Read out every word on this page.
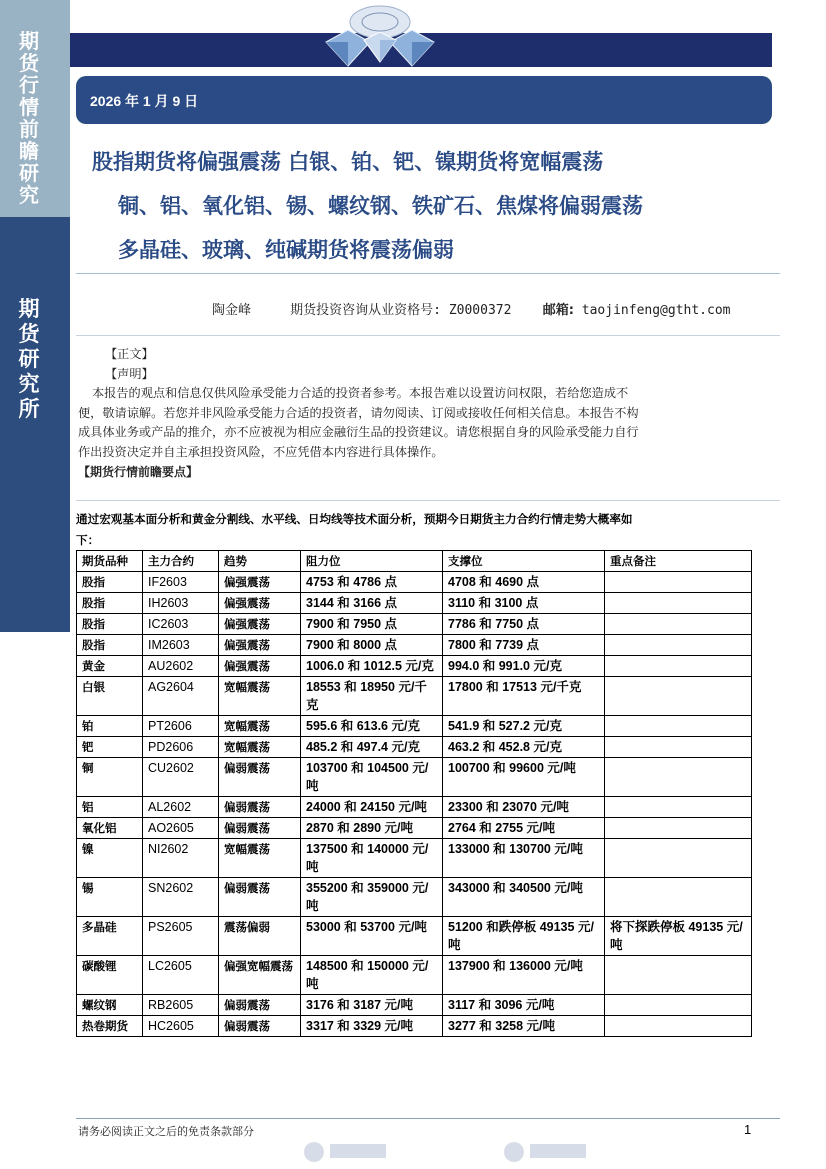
期
货
行
情
前
瞻
研
究
期
货
研
究
所
2026 年 1 月 9 日
股指期货将偏强震荡 白银、铂、钯、镍期货将宽幅震荡
铜、铝、氧化铝、锡、螺纹钢、铁矿石、焦煤将偏弱震荡
多晶硅、玻璃、纯碱期货将震荡偏弱
陶金峰	期货投资咨询从业资格号: Z0000372 邮箱: taojinfeng@gtht.com
【正文】
【声明】
本报告的观点和信息仅供风险承受能力合适的投资者参考。本报告难以设置访问权限，若给您造成不
便，敬请谅解。若您并非风险承受能力合适的投资者，请勿阅读、订阅或接收任何相关信息。本报告不构
成具体业务或产品的推介，亦不应被视为相应金融衍生品的投资建议。请您根据自身的风险承受能力自行
作出投资决定并自主承担投资风险，不应凭借本内容进行具体操作。
【期货行情前瞻要点】
通过宏观基本面分析和黄金分割线、水平线、日均线等技术面分析，预期今日期货主力合约行情走势大概率如
下：
期货品种	主力合约	趋势	阻力位	支撑位	重点备注
股指	IF2603	偏强震荡	4753 和 4786 点	4708 和 4690 点	
股指	IH2603	偏强震荡	3144 和 3166 点	3110 和 3100 点	
股指	IC2603	偏强震荡	7900 和 7950 点	7786 和 7750 点	
股指	IM2603	偏强震荡	7900 和 8000 点	7800 和 7739 点	
黄金	AU2602	偏强震荡	1006.0 和 1012.5 元/克	994.0 和 991.0 元/克	
白银	AG2604	宽幅震荡	18553 和 18950 元/千克	17800 和 17513 元/千克	
铂	PT2606	宽幅震荡	595.6 和 613.6 元/克	541.9 和 527.2 元/克	
钯	PD2606	宽幅震荡	485.2 和 497.4 元/克	463.2 和 452.8 元/克	
铜	CU2602	偏弱震荡	103700 和 104500 元/吨	100700 和 99600 元/吨	
铝	AL2602	偏弱震荡	24000 和 24150 元/吨	23300 和 23070 元/吨	
氧化铝	AO2605	偏弱震荡	2870 和 2890 元/吨	2764 和 2755 元/吨	
镍	NI2602	宽幅震荡	137500 和 140000 元/吨	133000 和 130700 元/吨	
锡	SN2602	偏弱震荡	355200 和 359000 元/吨	343000 和 340500 元/吨	
多晶硅	PS2605	震荡偏弱	53000 和 53700 元/吨	51200 和跌停板 49135 元/吨	将下探跌停板 49135 元/吨
碳酸锂	LC2605	偏强宽幅震荡	148500 和 150000 元/吨	137900 和 136000 元/吨	
螺纹钢	RB2605	偏弱震荡	3176 和 3187 元/吨	3117 和 3096 元/吨	
热卷期货	HC2605	偏弱震荡	3317 和 3329 元/吨	3277 和 3258 元/吨	
请务必阅读正文之后的免责条款部分	1
